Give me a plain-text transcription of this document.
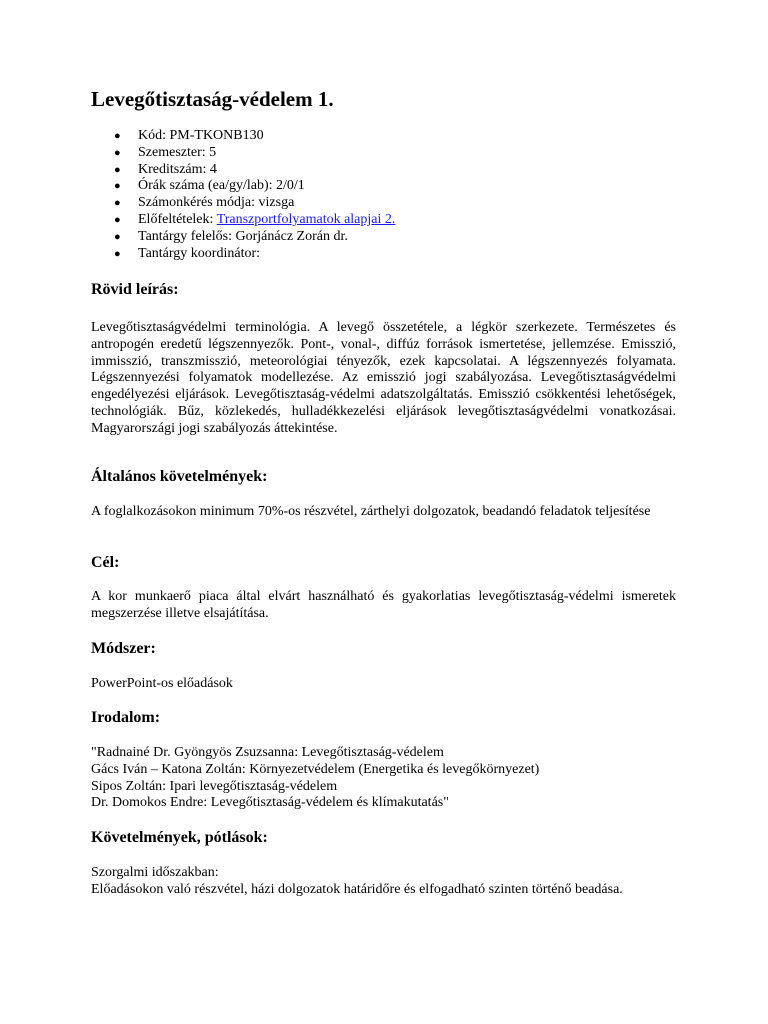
Levegőtisztaság-védelem 1.
● Kód: PM-TKONB130
● Szemeszter: 5
● Kreditszám: 4
● Órák száma (ea/gy/lab): 2/0/1
● Számonkérés módja: vizsga
● Előfeltételek: Transzportfolyamatok alapjai 2.
● Tantárgy felelős: Gorjánácz Zorán dr.
● Tantárgy koordinátor:
Rövid leírás:

Levegőtisztaságvédelmi terminológia. A levegő összetétele, a légkör szerkezete. Természetes és antropogén eredetű légszennyezők. Pont-, vonal-, diffúz források ismertetése, jellemzése. Emisszió, immisszió, transzmisszió, meteorológiai tényezők, ezek kapcsolatai. A légszennyezés folyamata. Légszennyezési folyamatok modellezése. Az emisszió jogi szabályozása. Levegőtisztaságvédelmi engedélyezési eljárások. Levegőtisztaság-védelmi adatszolgáltatás. Emisszió csökkentési lehetőségek, technológiák. Bűz, közlekedés, hulladékkezelési eljárások levegőtisztaságvédelmi vonatkozásai. Magyarországi jogi szabályozás áttekintése.

Általános követelmények:

A foglalkozásokon minimum 70%-os részvétel, zárthelyi dolgozatok, beadandó feladatok teljesítése

Cél:

A kor munkaerő piaca által elvárt használható és gyakorlatias levegőtisztaság-védelmi ismeretek megszerzése illetve elsajátítása.

Módszer:

PowerPoint-os előadások

Irodalom:
"Radnainé Dr. Gyöngyös Zsuzsanna: Levegőtisztaság-védelem
Gács Iván – Katona Zoltán: Környezetvédelem (Energetika és levegőkörnyezet)
Sipos Zoltán: Ipari levegőtisztaság-védelem
Dr. Domokos Endre: Levegőtisztaság-védelem és klímakutatás"
Követelmények, pótlások:
Szorgalmi időszakban:
Előadásokon való részvétel, házi dolgozatok határidőre és elfogadható szinten történő beadása.
